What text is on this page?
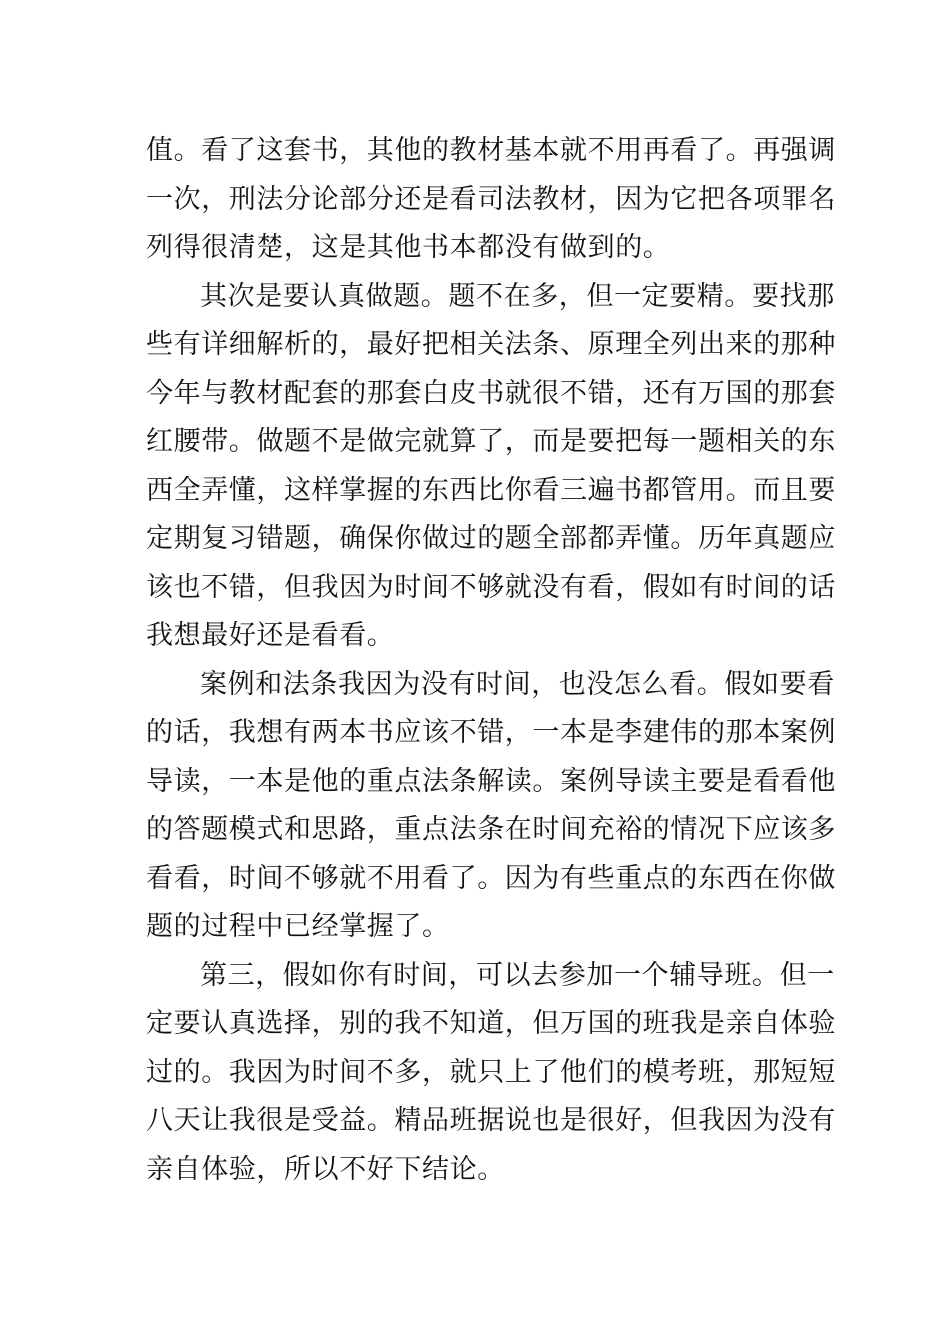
值。看了这套书，其他的教材基本就不用再看了。再强调
一次，刑法分论部分还是看司法教材，因为它把各项罪名
列得很清楚，这是其他书本都没有做到的。
其次是要认真做题。题不在多，但一定要精。要找那
些有详细解析的，最好把相关法条、原理全列出来的那种
今年与教材配套的那套白皮书就很不错，还有万国的那套
红腰带。做题不是做完就算了，而是要把每一题相关的东
西全弄懂，这样掌握的东西比你看三遍书都管用。而且要
定期复习错题，确保你做过的题全部都弄懂。历年真题应
该也不错，但我因为时间不够就没有看，假如有时间的话
我想最好还是看看。
案例和法条我因为没有时间，也没怎么看。假如要看
的话，我想有两本书应该不错，一本是李建伟的那本案例
导读，一本是他的重点法条解读。案例导读主要是看看他
的答题模式和思路，重点法条在时间充裕的情况下应该多
看看，时间不够就不用看了。因为有些重点的东西在你做
题的过程中已经掌握了。
第三，假如你有时间，可以去参加一个辅导班。但一
定要认真选择，别的我不知道，但万国的班我是亲自体验
过的。我因为时间不多，就只上了他们的模考班，那短短
八天让我很是受益。精品班据说也是很好，但我因为没有
亲自体验，所以不好下结论。
